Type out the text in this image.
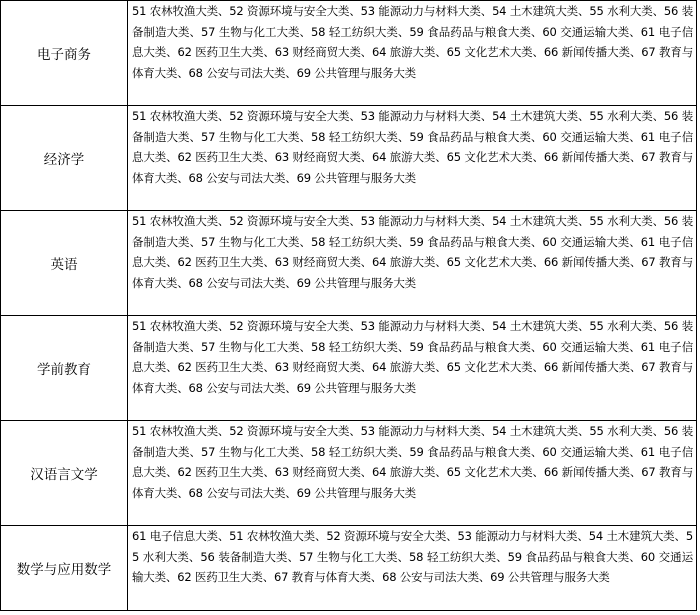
电子商务	51 农林牧渔大类、52 资源环境与安全大类、53 能源动力与材料大类、54 土木建筑大类、55 水利大类、56 装备制造大类、57 生物与化工大类、58 轻工纺织大类、59 食品药品与粮食大类、60 交通运输大类、61 电子信息大类、62 医药卫生大类、63 财经商贸大类、64 旅游大类、65 文化艺术大类、66 新闻传播大类、67 教育与体育大类、68 公安与司法大类、69 公共管理与服务大类
经济学	51 农林牧渔大类、52 资源环境与安全大类、53 能源动力与材料大类、54 土木建筑大类、55 水利大类、56 装备制造大类、57 生物与化工大类、58 轻工纺织大类、59 食品药品与粮食大类、60 交通运输大类、61 电子信息大类、62 医药卫生大类、63 财经商贸大类、64 旅游大类、65 文化艺术大类、66 新闻传播大类、67 教育与体育大类、68 公安与司法大类、69 公共管理与服务大类
英语	51 农林牧渔大类、52 资源环境与安全大类、53 能源动力与材料大类、54 土木建筑大类、55 水利大类、56 装备制造大类、57 生物与化工大类、58 轻工纺织大类、59 食品药品与粮食大类、60 交通运输大类、61 电子信息大类、62 医药卫生大类、63 财经商贸大类、64 旅游大类、65 文化艺术大类、66 新闻传播大类、67 教育与体育大类、68 公安与司法大类、69 公共管理与服务大类
学前教育	51 农林牧渔大类、52 资源环境与安全大类、53 能源动力与材料大类、54 土木建筑大类、55 水利大类、56 装备制造大类、57 生物与化工大类、58 轻工纺织大类、59 食品药品与粮食大类、60 交通运输大类、61 电子信息大类、62 医药卫生大类、63 财经商贸大类、64 旅游大类、65 文化艺术大类、66 新闻传播大类、67 教育与体育大类、68 公安与司法大类、69 公共管理与服务大类
汉语言文学	51 农林牧渔大类、52 资源环境与安全大类、53 能源动力与材料大类、54 土木建筑大类、55 水利大类、56 装备制造大类、57 生物与化工大类、58 轻工纺织大类、59 食品药品与粮食大类、60 交通运输大类、61 电子信息大类、62 医药卫生大类、63 财经商贸大类、64 旅游大类、65 文化艺术大类、66 新闻传播大类、67 教育与体育大类、68 公安与司法大类、69 公共管理与服务大类
数学与应用数学	61 电子信息大类、51 农林牧渔大类、52 资源环境与安全大类、53 能源动力与材料大类、54 土木建筑大类、55 水利大类、56 装备制造大类、57 生物与化工大类、58 轻工纺织大类、59 食品药品与粮食大类、60 交通运输大类、62 医药卫生大类、67 教育与体育大类、68 公安与司法大类、69 公共管理与服务大类
